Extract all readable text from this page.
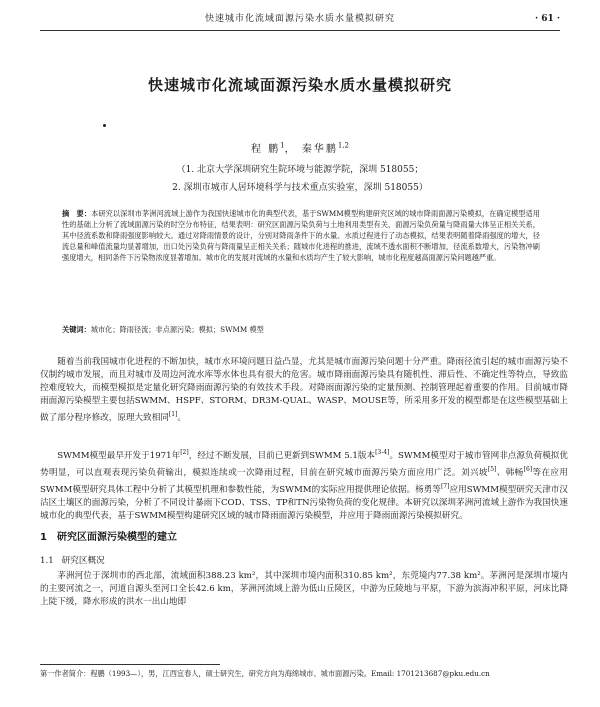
快速城市化流域面源污染水质水量模拟研究	· 61 ·
快速城市化流域面源污染水质水量模拟研究
程 鹏$^1$， 秦华鹏$^{1,2}$
（1. 北京大学深圳研究生院环境与能源学院，深圳 518055；
2. 深圳市城市人居环境科学与技术重点实验室，深圳 518055）
摘　要：本研究以深圳市茅洲河流域上游作为我国快速城市化的典型代表，基于SWMM模型构建研究区域的城市降雨面源污染模拟，在确定模型适用性的基础上分析了流域面源污染的时空分布特征，结果表明：研究区面源污染负荷与土地利用类型有关，面源污染负荷量与降雨量大体呈正相关关系，其中径流系数和降雨强度影响较大。通过对降雨情景的设计，分别对降雨条件下的水量、水质过程进行了动态模拟，结果表明随着降雨强度的增大，径流总量和峰值流量均显著增加，出口处污染负荷与降雨量呈正相关关系；随城市化进程的推进，流域不透水面积不断增加，径流系数增大，污染物冲刷强度增大，相同条件下污染物浓度显著增加。城市化的发展对流域的水量和水质均产生了较大影响，城市化程度越高面源污染问题越严重。
关键词：城市化；降雨径流；非点源污染；模拟；SWMM 模型
随着当前我国城市化进程的不断加快，城市水环境问题日益凸显，尤其是城市面源污染问题十分严重。降雨径流引起的城市面源污染不仅制约城市发展，而且对城市及周边河流水库等水体也具有很大的危害。城市降雨面源污染具有随机性、滞后性、不确定性等特点，导致监控难度较大，而模型模拟是定量化研究降雨面源污染的有效技术手段。对降雨面源污染的定量预测、控制管理起着重要的作用。目前城市降雨面源污染模型主要包括SWMM、HSPF、STORM、DR3M-QUAL、WASP、MOUSE等，所采用多开发的模型都是在这些模型基础上做了部分程序修改，原理大致相同[1]。
SWMM模型最早开发于1971年[2]，经过不断发展，目前已更新到SWMM 5.1版本[3-4]。SWMM模型对于城市管网非点源负荷模拟优势明显，可以直观表现污染负荷输出，模拟连续或一次降雨过程，目前在研究城市面源污染方面应用广泛。刘兴坡[5]、韩畅[6]等在应用SWMM模型研究具体工程中分析了其模型机理和参数性能，为SWMM的实际应用提供理论依据。杨勇等[7]应用SWMM模型研究天津市汉沽区土壤区的面源污染，分析了不同设计暴雨下COD、TSS、TP和TN污染物负荷的变化规律。本研究以深圳茅洲河流域上游作为我国快速城市化的典型代表，基于SWMM模型构建研究区域的城市降雨面源污染模型，并应用于降雨面源污染模拟研究。
1　研究区面源污染模型的建立
1.1 研究区概况
茅洲河位于深圳市的西北部，流域面积388.23 km²，其中深圳市境内面积310.85 km²，东莞境内77.38 km²。茅洲河是深圳市境内的主要河流之一，河道自源头至河口全长42.6 km，茅洲河流域上游为低山丘陵区，中游为丘陵地与平原，下游为滨海冲积平原，河床比降上陡下缓，降水形成的洪水一出山地即
第一作者简介：程鹏（1993—），男，江西宜春人，硕士研究生，研究方向为海绵城市、城市面源污染。Email: 1701213687@pku.edu.cn
